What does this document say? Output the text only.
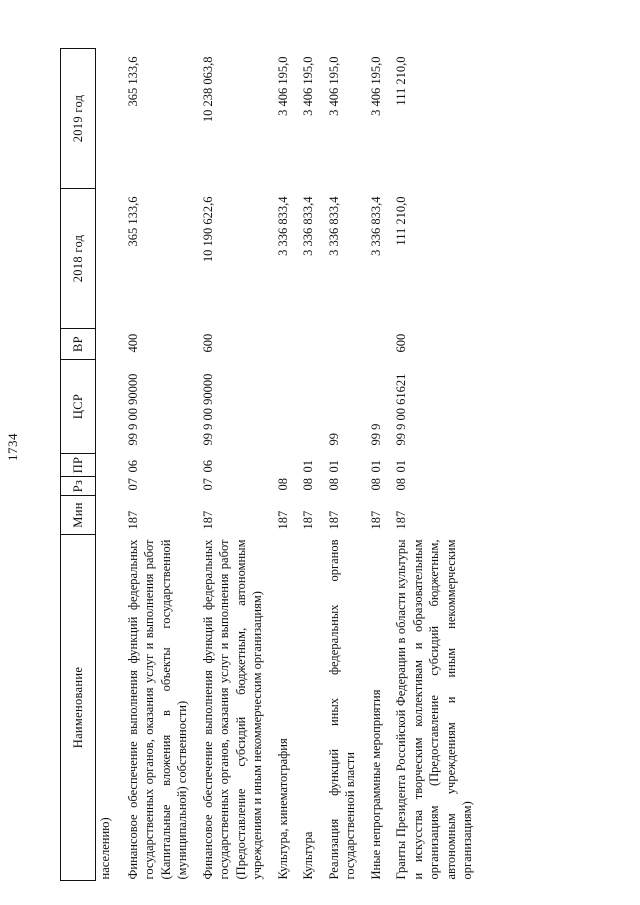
1734
Наименование	Мин	Рз	ПР	ЦСР	ВР	2018 год	2019 год
населению)							
Финансовое обеспечение выполнения функций федеральных государственных органов, оказания услуг и выполнения работ (Капитальные вложения в объекты государственной (муниципальной) собственности)	187	07	06	99 9 00 90000	400	365 133,6	365 133,6
Финансовое обеспечение выполнения функций федеральных государственных органов, оказания услуг и выполнения работ (Предоставление субсидий бюджетным, автономным учреждениям и иным некоммерческим организациям)	187	07	06	99 9 00 90000	600	10 190 622,6	10 238 063,8
Культура, кинематография	187	08				3 336 833,4	3 406 195,0
Культура	187	08	01			3 336 833,4	3 406 195,0
Реализация функций иных федеральных органов государственной власти	187	08	01	99		3 336 833,4	3 406 195,0
Иные непрограммные мероприятия	187	08	01	99 9		3 336 833,4	3 406 195,0
Гранты Президента Российской Федерации в области культуры и искусства творческим коллективам и образовательным организациям (Предоставление субсидий бюджетным, автономным учреждениям и иным некоммерческим организациям)	187	08	01	99 9 00 61621	600	111 210,0	111 210,0
